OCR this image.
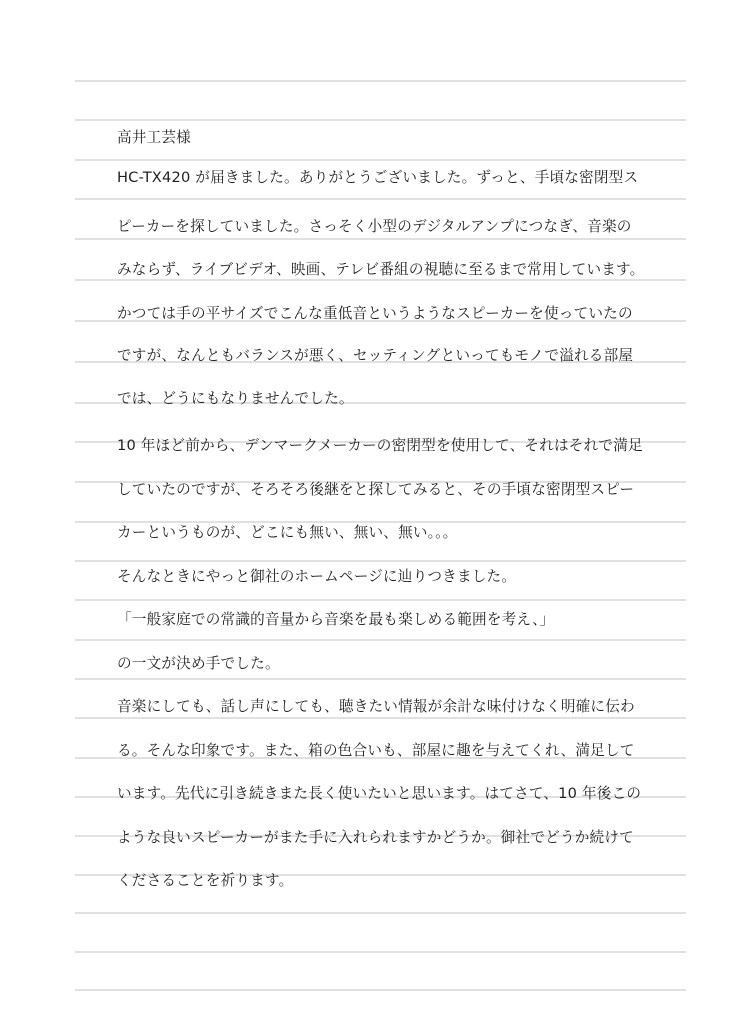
高井工芸様
HC-TX420 が届きました。ありがとうございました。ずっと、手頃な密閉型ス
ピーカーを探していました。さっそく小型のデジタルアンプにつなぎ、音楽の
みならず、ライブビデオ、映画、テレビ番組の視聴に至るまで常用しています。
かつては手の平サイズでこんな重低音というようなスピーカーを使っていたの
ですが、なんともバランスが悪く、セッティングといってもモノで溢れる部屋
では、どうにもなりませんでした。
10 年ほど前から、デンマークメーカーの密閉型を使用して、それはそれで満足
していたのですが、そろそろ後継をと探してみると、その手頃な密閉型スピー
カーというものが、どこにも無い、無い、無い。。。
そんなときにやっと御社のホームページに辿りつきました。
「一般家庭での常識的音量から音楽を最も楽しめる範囲を考え、」
の一文が決め手でした。
音楽にしても、話し声にしても、聴きたい情報が余計な味付けなく明確に伝わ
る。そんな印象です。また、箱の色合いも、部屋に趣を与えてくれ、満足して
います。先代に引き続きまた長く使いたいと思います。はてさて、10 年後この
ような良いスピーカーがまた手に入れられますかどうか。御社でどうか続けて
くださることを祈ります。
